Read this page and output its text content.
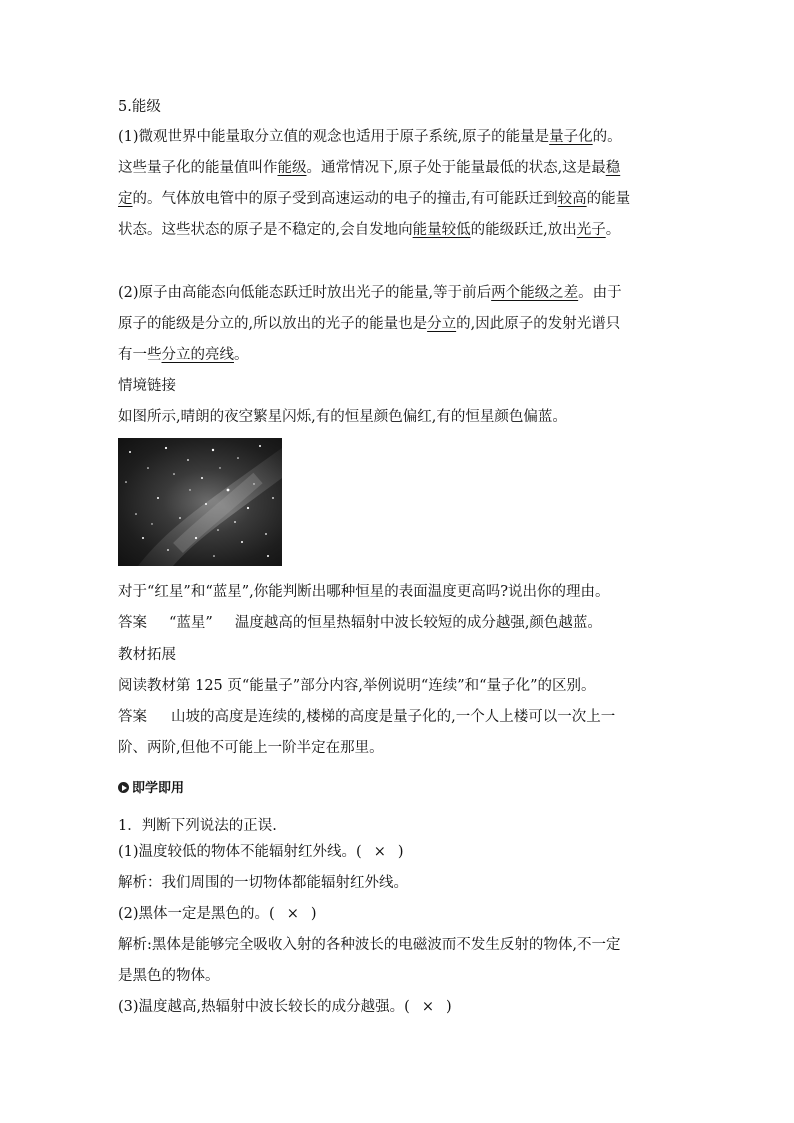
5.能级
(1)微观世界中能量取分立值的观念也适用于原子系统,原子的能量是量子化的。
这些量子化的能量值叫作能级。通常情况下,原子处于能量最低的状态,这是最稳
定的。气体放电管中的原子受到高速运动的电子的撞击,有可能跃迁到较高的能量
状态。这些状态的原子是不稳定的,会自发地向能量较低的能级跃迁,放出光子。
(2)原子由高能态向低能态跃迁时放出光子的能量,等于前后两个能级之差。由于
原子的能级是分立的,所以放出的光子的能量也是分立的,因此原子的发射光谱只
有一些分立的亮线。
情境链接
如图所示,晴朗的夜空繁星闪烁,有的恒星颜色偏红,有的恒星颜色偏蓝。
对于“红星”和“蓝星”,你能判断出哪种恒星的表面温度更高吗?说出你的理由。
答案 “蓝星” 温度越高的恒星热辐射中波长较短的成分越强,颜色越蓝。
教材拓展
阅读教材第 125 页“能量子”部分内容,举例说明“连续”和“量子化”的区别。
答案 山坡的高度是连续的,楼梯的高度是量子化的,一个人上楼可以一次上一
阶、两阶,但他不可能上一阶半定在那里。
即学即用
1．判断下列说法的正误.
(1)温度较低的物体不能辐射红外线。( × )
解析：我们周围的一切物体都能辐射红外线。
(2)黑体一定是黑色的。( × )
解析:黑体是能够完全吸收入射的各种波长的电磁波而不发生反射的物体,不一定
是黑色的物体。
(3)温度越高,热辐射中波长较长的成分越强。( × )
